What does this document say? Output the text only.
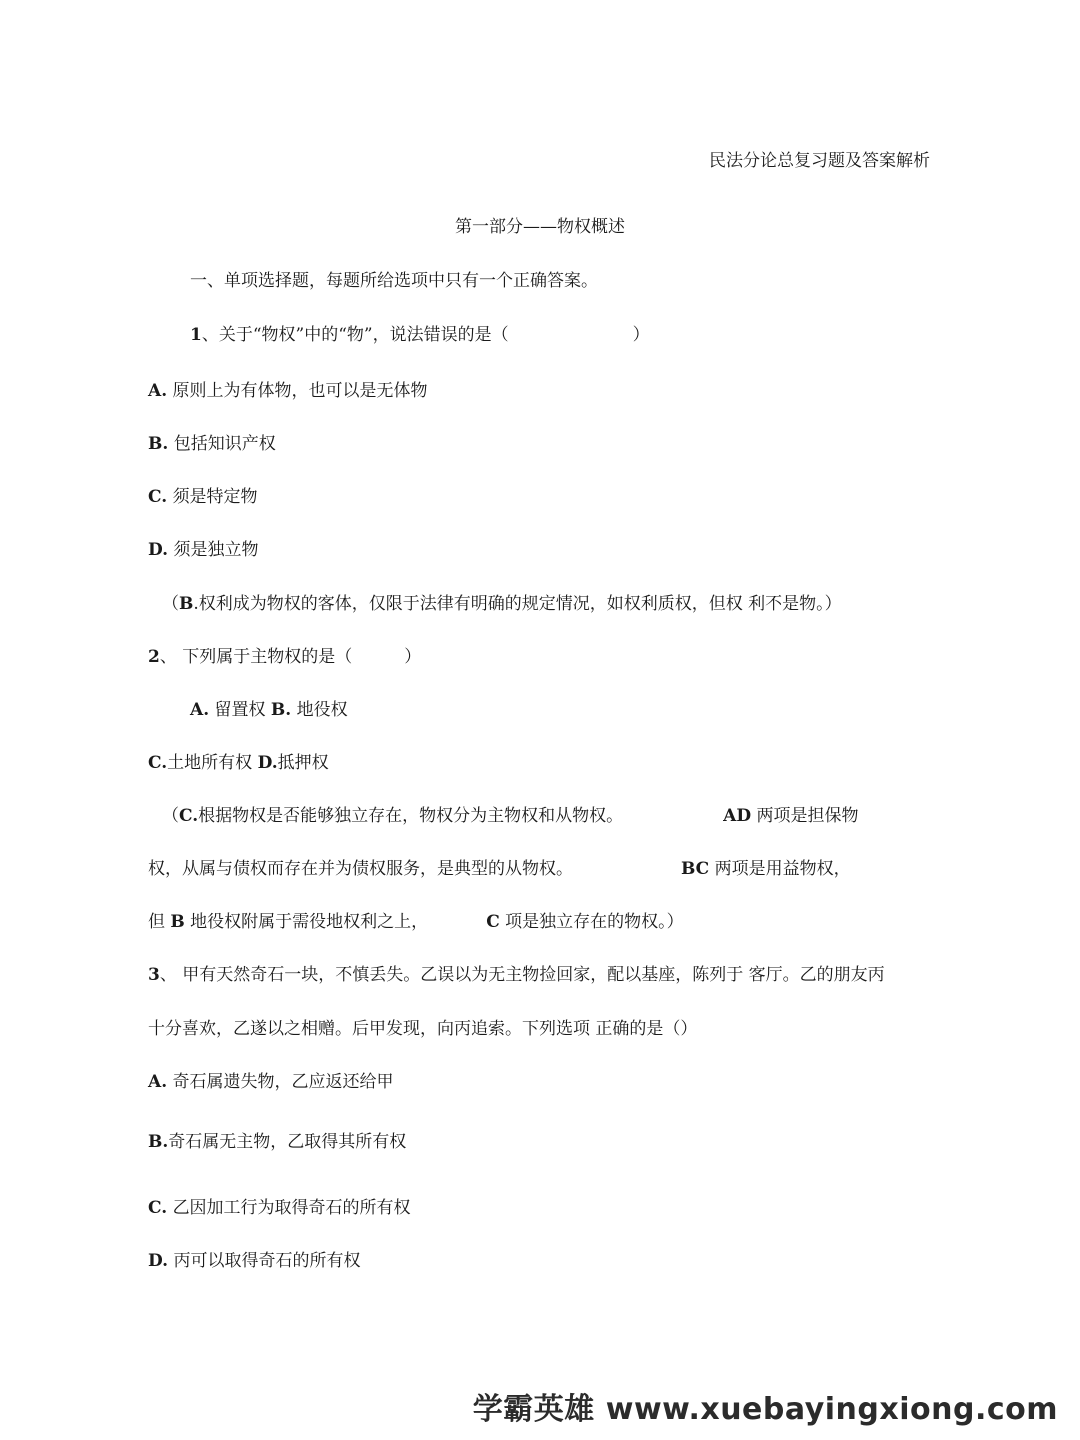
民法分论总复习题及答案解析
第一部分——物权概述
一、单项选择题，每题所给选项中只有一个正确答案。
1、关于“物权”中的“物”，说法错误的是（	）
A. 原则上为有体物，也可以是无体物
B. 包括知识产权
C. 须是特定物
D. 须是独立物
（B.权利成为物权的客体，仅限于法律有明确的规定情况，如权利质权，但权 利不是物。）
2、 下列属于主物权的是（	）
A. 留置权 B. 地役权
C.土地所有权 D.抵押权
（C.根据物权是否能够独立存在，物权分为主物权和从物权。	AD 两项是担保物
权，从属与债权而存在并为债权服务，是典型的从物权。	BC 两项是用益物权，
但 B 地役权附属于需役地权利之上，	C 项是独立存在的物权。）
3、 甲有天然奇石一块，不慎丢失。乙误以为无主物捡回家，配以基座，陈列于 客厅。乙的朋友丙
十分喜欢，乙遂以之相赠。后甲发现，向丙追索。下列选项 正确的是（）
A. 奇石属遗失物，乙应返还给甲
B.奇石属无主物，乙取得其所有权
C. 乙因加工行为取得奇石的所有权
D. 丙可以取得奇石的所有权
学霸英雄 www.xuebayingxiong.com
